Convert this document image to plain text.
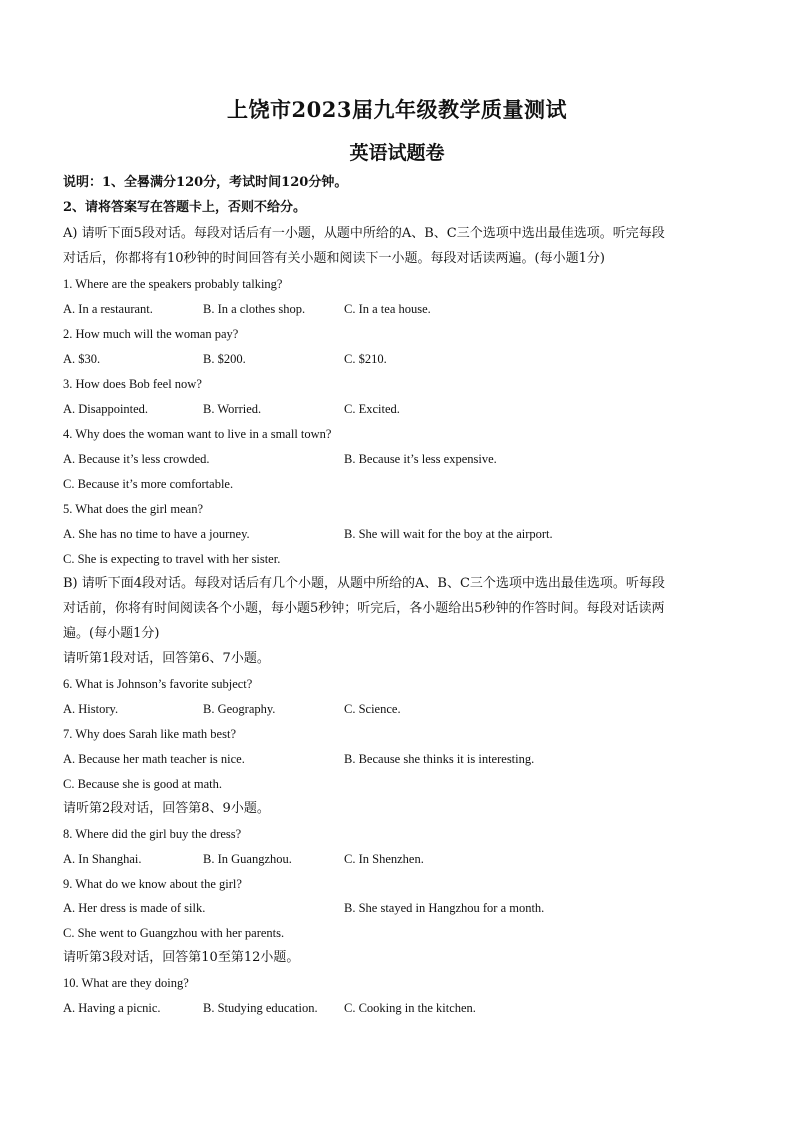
上饶市2023届九年级教学质量测试
英语试题卷
说明：1、全晷满分120分，考试时间120分钟。
2、请将答案写在答题卡上，否则不给分。
A) 请听下面5段对话。每段对话后有一小题，从题中所给的A、B、C三个选项中选出最佳选项。听完每段
对话后，你都将有10秒钟的时间回答有关小题和阅读下一小题。每段对话读两遍。(每小题1分)
1. Where are the speakers probably talking?
A. In a restaurant.	B. In a clothes shop.	C. In a tea house.
2. How much will the woman pay?
A. $30.	B. $200.	C. $210.
3. How does Bob feel now?
A. Disappointed.	B. Worried.	C. Excited.
4. Why does the woman want to live in a small town?
A. Because it’s less crowded.	B. Because it’s less expensive.
C. Because it’s more comfortable.
5. What does the girl mean?
A. She has no time to have a journey.	B. She will wait for the boy at the airport.
C. She is expecting to travel with her sister.
B) 请听下面4段对话。每段对话后有几个小题，从题中所给的A、B、C三个选项中选出最佳选项。听每段
对话前，你将有时间阅读各个小题，每小题5秒钟；听完后，各小题给出5秒钟的作答时间。每段对话读两
遍。(每小题1分)
请听第1段对话，回答第6、7小题。
6. What is Johnson’s favorite subject?
A. History.	B. Geography.	C. Science.
7. Why does Sarah like math best?
A. Because her math teacher is nice.	B. Because she thinks it is interesting.
C. Because she is good at math.
请听第2段对话，回答第8、9小题。
8. Where did the girl buy the dress?
A. In Shanghai.	B. In Guangzhou.	C. In Shenzhen.
9. What do we know about the girl?
A. Her dress is made of silk.	B. She stayed in Hangzhou for a month.
C. She went to Guangzhou with her parents.
请听第3段对话，回答第10至第12小题。
10. What are they doing?
A. Having a picnic.	B. Studying education. C. Cooking in the kitchen.
